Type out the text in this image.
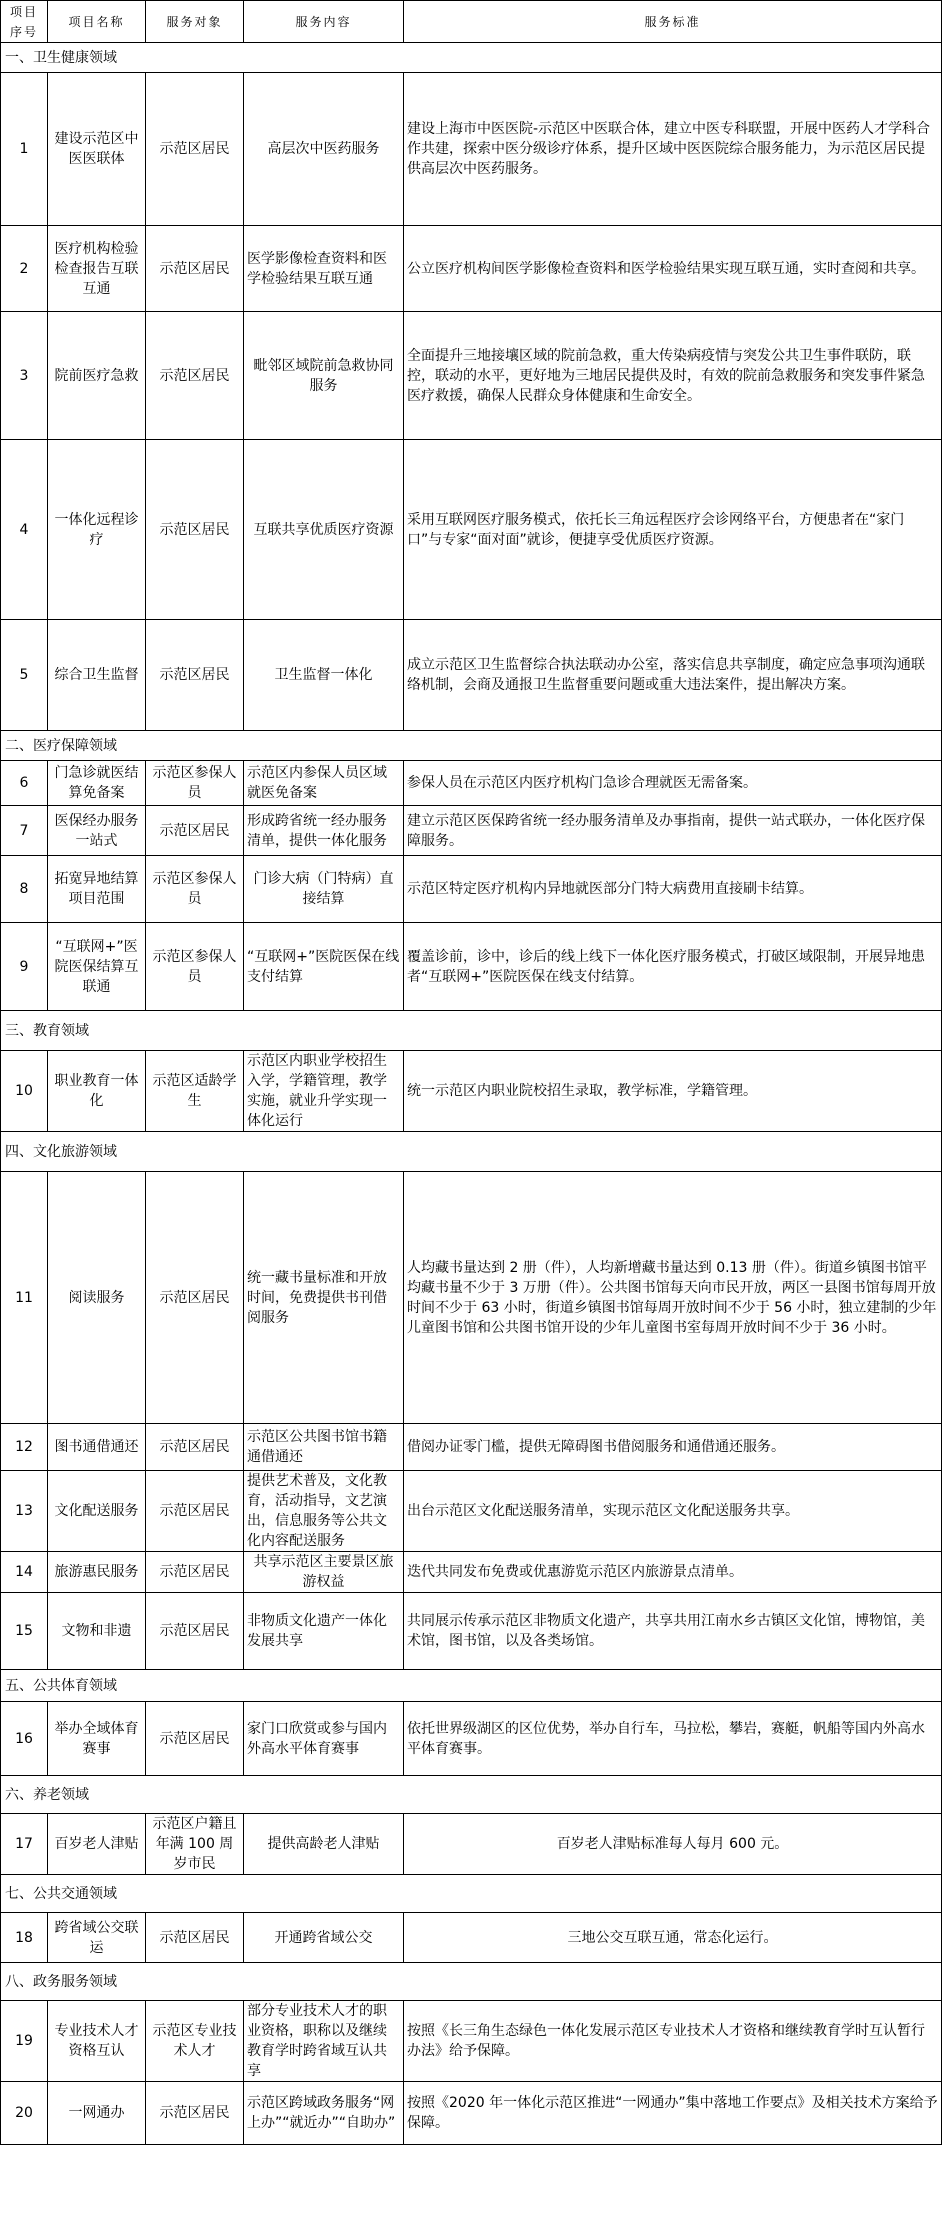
项目序号	项目名称	服务对象	服务内容	服务标准
一、卫生健康领域				
1	建设示范区中医医联体	示范区居民	高层次中医药服务	建设上海市中医医院-示范区中医联合体，建立中医专科联盟，开展中医药人才学科合作共建，探索中医分级诊疗体系，提升区域中医医院综合服务能力，为示范区居民提供高层次中医药服务。
2	医疗机构检验检查报告互联互通	示范区居民	医学影像检查资料和医学检验结果互联互通	公立医疗机构间医学影像检查资料和医学检验结果实现互联互通，实时查阅和共享。
3	院前医疗急救	示范区居民	毗邻区域院前急救协同服务	全面提升三地接壤区域的院前急救，重大传染病疫情与突发公共卫生事件联防，联控，联动的水平，更好地为三地居民提供及时，有效的院前急救服务和突发事件紧急医疗救援，确保人民群众身体健康和生命安全。
4	一体化远程诊疗	示范区居民	互联共享优质医疗资源	采用互联网医疗服务模式，依托长三角远程医疗会诊网络平台，方便患者在“家门口”与专家“面对面”就诊，便捷享受优质医疗资源。
5	综合卫生监督	示范区居民	卫生监督一体化	成立示范区卫生监督综合执法联动办公室，落实信息共享制度，确定应急事项沟通联络机制，会商及通报卫生监督重要问题或重大违法案件，提出解决方案。
二、医疗保障领域				
6	门急诊就医结算免备案	示范区参保人员	示范区内参保人员区域就医免备案	参保人员在示范区内医疗机构门急诊合理就医无需备案。
7	医保经办服务一站式	示范区居民	形成跨省统一经办服务清单，提供一体化服务	建立示范区医保跨省统一经办服务清单及办事指南，提供一站式联办，一体化医疗保障服务。
8	拓宽异地结算项目范围	示范区参保人员	门诊大病（门特病）直接结算	示范区特定医疗机构内异地就医部分门特大病费用直接刷卡结算。
9	“互联网+”医院医保结算互联通	示范区参保人员	“互联网+”医院医保在线支付结算	覆盖诊前，诊中，诊后的线上线下一体化医疗服务模式，打破区域限制，开展异地患者“互联网+”医院医保在线支付结算。
三、教育领域				
10	职业教育一体化	示范区适龄学生	示范区内职业学校招生入学，学籍管理，教学实施，就业升学实现一体化运行	统一示范区内职业院校招生录取，教学标准，学籍管理。
四、文化旅游领域				
11	阅读服务	示范区居民	统一藏书量标准和开放时间，免费提供书刊借阅服务	人均藏书量达到 2 册（件），人均新增藏书量达到 0.13 册（件）。街道乡镇图书馆平均藏书量不少于 3 万册（件）。公共图书馆每天向市民开放，两区一县图书馆每周开放时间不少于 63 小时，街道乡镇图书馆每周开放时间不少于 56 小时，独立建制的少年儿童图书馆和公共图书馆开设的少年儿童图书室每周开放时间不少于 36 小时。
12	图书通借通还	示范区居民	示范区公共图书馆书籍通借通还	借阅办证零门槛，提供无障碍图书借阅服务和通借通还服务。
13	文化配送服务	示范区居民	提供艺术普及，文化教育，活动指导，文艺演出，信息服务等公共文化内容配送服务	出台示范区文化配送服务清单，实现示范区文化配送服务共享。
14	旅游惠民服务	示范区居民	共享示范区主要景区旅游权益	迭代共同发布免费或优惠游览示范区内旅游景点清单。
15	文物和非遗	示范区居民	非物质文化遗产一体化发展共享	共同展示传承示范区非物质文化遗产，共享共用江南水乡古镇区文化馆，博物馆，美术馆，图书馆，以及各类场馆。
五、公共体育领域				
16	举办全域体育赛事	示范区居民	家门口欣赏或参与国内外高水平体育赛事	依托世界级湖区的区位优势，举办自行车，马拉松，攀岩，赛艇，帆船等国内外高水平体育赛事。
六、养老领域				
17	百岁老人津贴	示范区户籍且年满 100 周岁市民	提供高龄老人津贴	百岁老人津贴标准每人每月 600 元。
七、公共交通领域				
18	跨省域公交联运	示范区居民	开通跨省域公交	三地公交互联互通，常态化运行。
八、政务服务领域				
19	专业技术人才资格互认	示范区专业技术人才	部分专业技术人才的职业资格，职称以及继续教育学时跨省域互认共享	按照《长三角生态绿色一体化发展示范区专业技术人才资格和继续教育学时互认暂行办法》给予保障。
20	一网通办	示范区居民	示范区跨域政务服务“网上办”“就近办”“自助办”	按照《2020 年一体化示范区推进“一网通办”集中落地工作要点》及相关技术方案给予保障。
